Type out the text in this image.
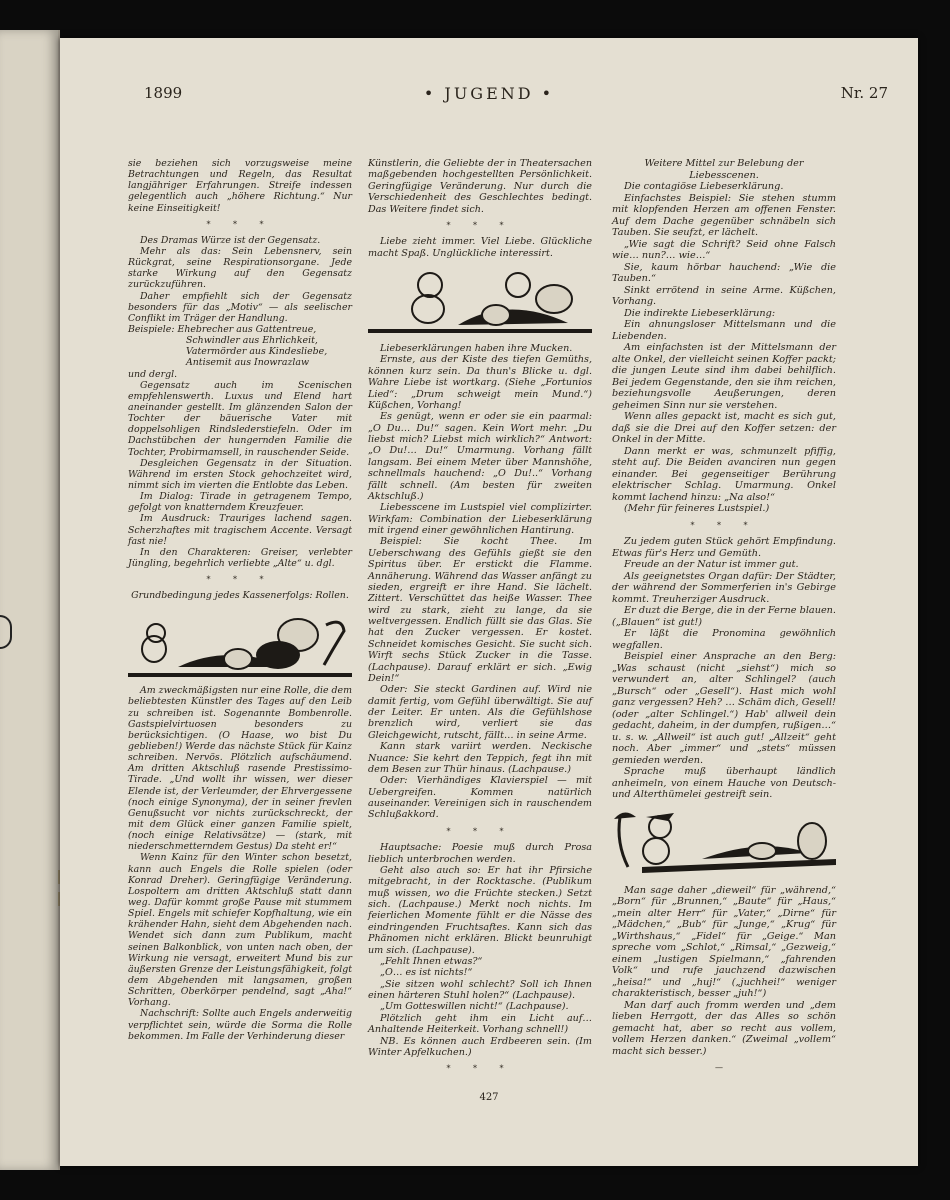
1899	• JUGEND •	Nr. 27

sie beziehen sich vorzugsweise meine Betrachtungen und Regeln, das Resultat langjähriger Erfahrungen. Streife indessen gelegentlich auch „höhere Richtung.“ Nur keine Einseitigkeit!

* * *

Des Dramas Würze ist der Gegensatz.

Mehr als das: Sein Lebensnerv, sein Rückgrat, seine Respirationsorgane. Jede starke Wirkung auf den Gegensatz zurückzuführen.

Daher empfiehlt sich der Gegensatz besonders für das „Motiv“ — als seelischer Conflikt im Träger der Handlung.

Beispiele: Ehebrecher aus Gattentreue,

Schwindler aus Ehrlichkeit,

Vatermörder aus Kindesliebe,

Antisemit aus Inowrazlaw

und dergl.

Gegensatz auch im Scenischen empfehlenswerth. Luxus und Elend hart aneinander gestellt. Im glänzenden Salon der Tochter der bäuerische Vater mit doppelsohligen Rindslederstiefeln. Oder im Dachstübchen der hungernden Familie die Tochter, Probirmamsell, in rauschender Seide.

Desgleichen Gegensatz in der Situation. Während im ersten Stock gehochzeitet wird, nimmt sich im vierten die Entlobte das Leben.

Im Dialog: Tirade in getragenem Tempo, gefolgt von knatterndem Kreuzfeuer.

Im Ausdruck: Trauriges lachend sagen. Scherzhaftes mit tragischem Accente. Versagt fast nie!

In den Charakteren: Greiser, verlebter Jüngling, begehrlich verliebte „Alte“ u. dgl.

* * *

Grundbedingung jedes Kassenerfolgs: Rollen.

Am zweckmäßigsten nur eine Rolle, die dem beliebtesten Künstler des Tages auf den Leib zu schreiben ist. Sogenannte Bombenrolle. Gastspielvirtuosen besonders zu berücksichtigen. (O Haase, wo bist Du geblieben!) Werde das nächste Stück für Kainz schreiben. Nervös. Plötzlich aufschäumend. Am dritten Aktschluß rasende Prestissimo-Tirade. „Und wollt ihr wissen, wer dieser Elende ist, der Verleumder, der Ehrvergessene (noch einige Synonyma), der in seiner frevlen Genußsucht vor nichts zurückschreckt, der mit dem Glück einer ganzen Familie spielt, (noch einige Relativsätze) — (stark, mit niederschmetterndem Gestus) Da steht er!“

Wenn Kainz für den Winter schon besetzt, kann auch Engels die Rolle spielen (oder Konrad Dreher). Geringfügige Veränderung. Lospoltern am dritten Aktschluß statt dann weg. Dafür kommt große Pause mit stummem Spiel. Engels mit schiefer Kopfhaltung, wie ein krähender Hahn, sieht dem Abgehenden nach. Wendet sich dann zum Publikum, macht seinen Balkonblick, von unten nach oben, der Wirkung nie versagt, erweitert Mund bis zur äußersten Grenze der Leistungsfähigkeit, folgt dem Abgehenden mit langsamen, großen Schritten, Oberkörper pendelnd, sagt „Aha!“ Vorhang.

Nachschrift: Sollte auch Engels anderweitig verpflichtet sein, würde die Sorma die Rolle bekommen. Im Falle der Verhinderung dieser

Künstlerin, die Geliebte der in Theatersachen maßgebenden hochgestellten Persönlichkeit. Geringfügige Veränderung. Nur durch die Verschiedenheit des Geschlechtes bedingt. Das Weitere findet sich.

* * *

Liebe zieht immer. Viel Liebe. Glückliche macht Spaß. Unglückliche interessirt.

Liebeserklärungen haben ihre Mucken.

Ernste, aus der Kiste des tiefen Gemüths, können kurz sein. Da thun's Blicke u. dgl. Wahre Liebe ist wortkarg. (Siehe „Fortunios Lied“: „Drum schweigt mein Mund.“) Küßchen, Vorhang!

Es genügt, wenn er oder sie ein paarmal: „O Du… Du!“ sagen. Kein Wort mehr. „Du liebst mich? Liebst mich wirklich?“ Antwort: „O Du!… Du!“ Umarmung. Vorhang fällt langsam. Bei einem Meter über Mannshöhe, schnellmals hauchend: „O Du!..“ Vorhang fällt schnell. (Am besten für zweiten Aktschluß.)

Liebesscene im Lustspiel viel complizirter. Wirkfam: Combination der Liebeserklärung mit irgend einer gewöhnlichen Hantirung.

Beispiel: Sie kocht Thee. Im Ueberschwang des Gefühls gießt sie den Spiritus über. Er erstickt die Flamme. Annäherung. Während das Wasser anfängt zu sieden, ergreift er ihre Hand. Sie lächelt. Zittert. Verschüttet das heiße Wasser. Thee wird zu stark, zieht zu lange, da sie weltvergessen. Endlich füllt sie das Glas. Sie hat den Zucker vergessen. Er kostet. Schneidet komisches Gesicht. Sie sucht sich. Wirft sechs Stück Zucker in die Tasse. (Lachpause). Darauf erklärt er sich. „Ewig Dein!“

Oder: Sie steckt Gardinen auf. Wird nie damit fertig, vom Gefühl überwältigt. Sie auf der Leiter. Er unten. Als die Gefühlshose brenzlich wird, verliert sie das Gleichgewicht, rutscht, fällt… in seine Arme.

Kann stark variirt werden. Neckische Nuance: Sie kehrt den Teppich, fegt ihn mit dem Besen zur Thür hinaus. (Lachpause.)

Oder: Vierhändiges Klavierspiel — mit Uebergreifen. Kommen natürlich auseinander. Vereinigen sich in rauschendem Schlußakkord.

* * *

Hauptsache: Poesie muß durch Prosa lieblich unterbrochen werden.

Geht also auch so: Er hat ihr Pfirsiche mitgebracht, in der Rocktasche. (Publikum muß wissen, wo die Früchte stecken.) Setzt sich. (Lachpause.) Merkt noch nichts. Im feierlichen Momente fühlt er die Nässe des eindringenden Fruchtsaftes. Kann sich das Phänomen nicht erklären. Blickt beunruhigt um sich. (Lachpause).

„Fehlt Ihnen etwas?“

„O… es ist nichts!“

„Sie sitzen wohl schlecht? Soll ich Ihnen einen härteren Stuhl holen?“ (Lachpause).

„Um Gotteswillen nicht!“ (Lachpause).

Plötzlich geht ihm ein Licht auf… Anhaltende Heiterkeit. Vorhang schnell!)

NB. Es können auch Erdbeeren sein. (Im Winter Apfelkuchen.)

* * *

Weitere Mittel zur Belebung der Liebesscenen.

Die contagiöse Liebeserklärung.

Einfachstes Beispiel: Sie stehen stumm mit klopfenden Herzen am offenen Fenster. Auf dem Dache gegenüber schnäbeln sich Tauben. Sie seufzt, er lächelt.

„Wie sagt die Schrift? Seid ohne Falsch wie… nun?… wie…“

Sie, kaum hörbar hauchend: „Wie die Tauben.“

Sinkt errötend in seine Arme. Küßchen, Vorhang.

Die indirekte Liebeserklärung:

Ein ahnungsloser Mittelsmann und die Liebenden.

Am einfachsten ist der Mittelsmann der alte Onkel, der vielleicht seinen Koffer packt; die jungen Leute sind ihm dabei behilflich. Bei jedem Gegenstande, den sie ihm reichen, beziehungsvolle Aeußerungen, deren geheimen Sinn nur sie verstehen.

Wenn alles gepackt ist, macht es sich gut, daß sie die Drei auf den Koffer setzen: der Onkel in der Mitte.

Dann merkt er was, schmunzelt pfiffig, steht auf. Die Beiden avanciren nun gegen einander. Bei gegenseitiger Berührung elektrischer Schlag. Umarmung. Onkel kommt lachend hinzu: „Na also!“

(Mehr für feineres Lustspiel.)

* * *

Zu jedem guten Stück gehört Empfindung. Etwas für's Herz und Gemüth.

Freude an der Natur ist immer gut.

Als geeignetstes Organ dafür: Der Städter, der während der Sommerferien in's Gebirge kommt. Treuherziger Ausdruck.

Er duzt die Berge, die in der Ferne blauen. („Blauen“ ist gut!)

Er läßt die Pronomina gewöhnlich wegfallen.

Beispiel einer Ansprache an den Berg: „Was schaust (nicht „siehst“) mich so verwundert an, alter Schlingel? (auch „Bursch“ oder „Gesell“). Hast mich wohl ganz vergessen? Heh? … Schäm dich, Gesell! (oder „alter Schlingel.“) Hab' allweil dein gedacht, daheim, in der dumpfen, rußigen…“ u. s. w. „Allweil“ ist auch gut! „Allzeit“ geht noch. Aber „immer“ und „stets“ müssen gemieden werden.

Sprache muß überhaupt ländlich anheimeln, von einem Hauche von Deutsch- und Alterthümelei gestreift sein.

Man sage daher „dieweil“ für „während,“ „Born“ für „Brunnen,“ „Baute“ für „Haus,“ „mein alter Herr“ für „Vater,“ „Dirne“ für „Mädchen,“ „Bub“ für „Junge,“ „Krug“ für „Wirthshaus,“ „Fidel“ für „Geige.“ Man spreche vom „Schlot,“ „Rimsal,“ „Gezweig,“ einem „lustigen Spielmann,“ „fahrenden Volk“ und rufe jauchzend dazwischen „heisa!“ und „huj!“ („juchhei!“ weniger charakteristisch, besser „juh!“)

Man darf auch fromm werden und „dem lieben Herrgott, der das Alles so schön gemacht hat, aber so recht aus vollem, vollem Herzen danken.“ (Zweimal „vollem“ macht sich besser.)

—
427
